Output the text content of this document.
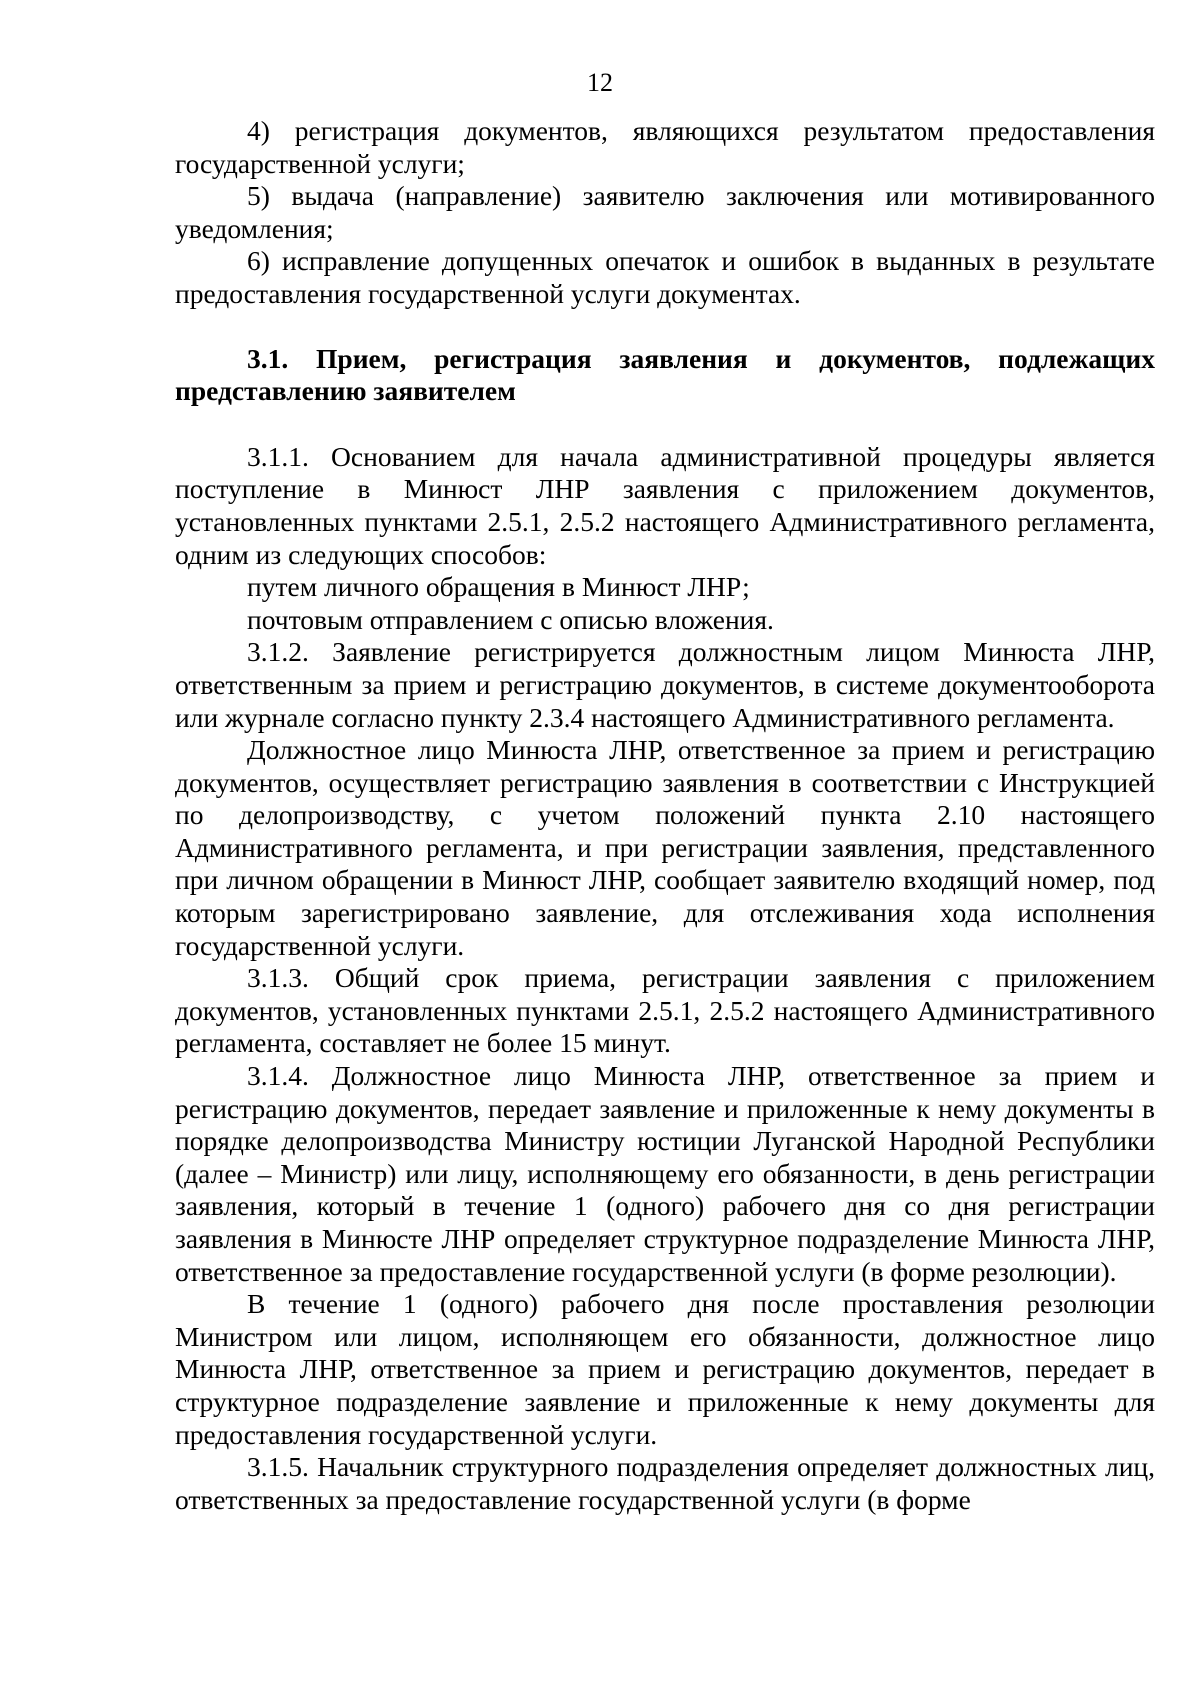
12

4) регистрация документов, являющихся результатом предоставления государственной услуги;

5) выдача (направление) заявителю заключения или мотивированного уведомления;

6) исправление допущенных опечаток и ошибок в выданных в результате предоставления государственной услуги документах.

3.1. Прием, регистрация заявления и документов, подлежащих представлению заявителем

3.1.1. Основанием для начала административной процедуры является поступление в Минюст ЛНР заявления с приложением документов, установленных пунктами 2.5.1, 2.5.2 настоящего Административного регламента, одним из следующих способов:

путем личного обращения в Минюст ЛНР;

почтовым отправлением с описью вложения.

3.1.2. Заявление регистрируется должностным лицом Минюста ЛНР, ответственным за прием и регистрацию документов, в системе документооборота или журнале согласно пункту 2.3.4 настоящего Административного регламента.

Должностное лицо Минюста ЛНР, ответственное за прием и регистрацию документов, осуществляет регистрацию заявления в соответствии с Инструкцией по делопроизводству, с учетом положений пункта 2.10 настоящего Административного регламента, и при регистрации заявления, представленного при личном обращении в Минюст ЛНР, сообщает заявителю входящий номер, под которым зарегистрировано заявление, для отслеживания хода исполнения государственной услуги.

3.1.3. Общий срок приема, регистрации заявления с приложением документов, установленных пунктами 2.5.1, 2.5.2 настоящего Административного регламента, составляет не более 15 минут.

3.1.4. Должностное лицо Минюста ЛНР, ответственное за прием и регистрацию документов, передает заявление и приложенные к нему документы в порядке делопроизводства Министру юстиции Луганской Народной Республики (далее – Министр) или лицу, исполняющему его обязанности, в день регистрации заявления, который в течение 1 (одного) рабочего дня со дня регистрации заявления в Минюсте ЛНР определяет структурное подразделение Минюста ЛНР, ответственное за предоставление государственной услуги (в форме резолюции).

В течение 1 (одного) рабочего дня после проставления резолюции Министром или лицом, исполняющем его обязанности, должностное лицо Минюста ЛНР, ответственное за прием и регистрацию документов, передает в структурное подразделение заявление и приложенные к нему документы для предоставления государственной услуги.

3.1.5. Начальник структурного подразделения определяет должностных лиц, ответственных за предоставление государственной услуги (в форме
